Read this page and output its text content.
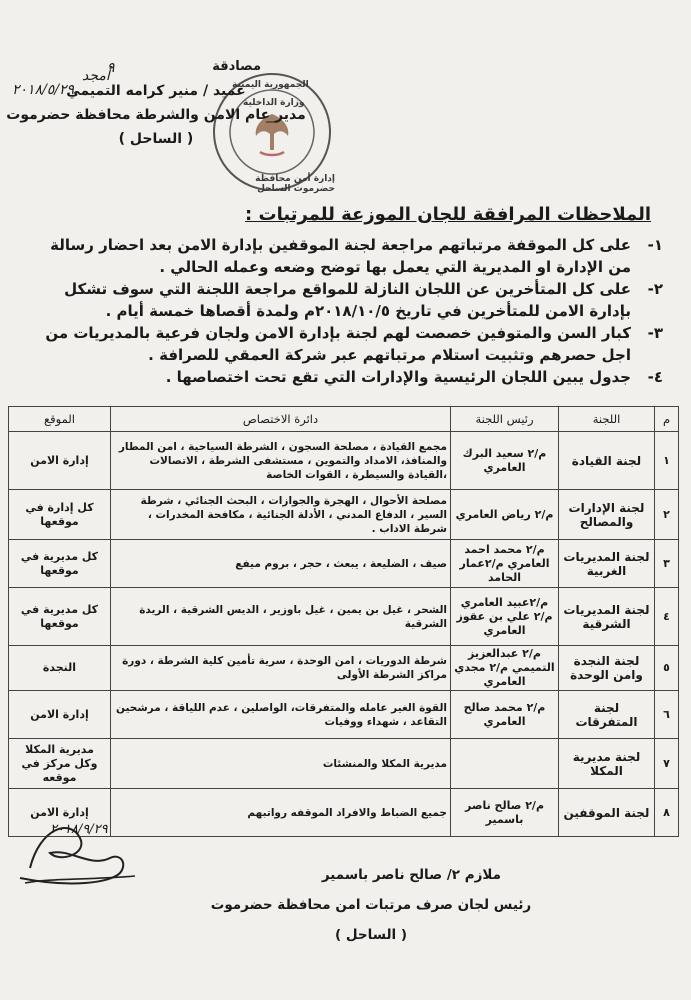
٩
أمجد
٢٠١٨/٥/٢٩	الجمهورية اليمنية
وزارة الداخلية
إدارة أمن محافظة حضرموت الساحل
مصادقة
عميد / منير كرامه التميمي
مدير عام الامن والشرطة محافظة حضرموت
( الساحل )
الملاحظات المرافقة للجان الموزعة للمرتبات :
١-
على كل الموقفة مرتباتهم مراجعة لجنة الموقفين بإدارة الامن بعد احضار رسالة من الإدارة او المديرية التي يعمل بها توضح وضعه وعمله الحالي .
٢-
على كل المتأخرين عن اللجان النازلة للمواقع مراجعة اللجنة التي سوف تشكل بإدارة الامن للمتأخرين في تاريخ ٢٠١٨/١٠/٥م ولمدة أقصاها خمسة أيام .
٣-
كبار السن والمتوفين خصصت لهم لجنة بإدارة الامن ولجان فرعية بالمديريات من اجل حصرهم وتثبيت استلام مرتباتهم عبر شركة العمقي للصرافة .
٤-
جدول يبين اللجان الرئيسية والإدارات التي تقع تحت اختصاصها .
م	اللجنة	رئيس اللجنة	دائرة الاختصاص	الموقع
١	لجنة القيادة	م/٢ سعيد البرك العامري	مجمع القيادة ، مصلحة السجون ، الشرطة السياحية ، امن المطار والمنافذ، الامداد والتموين ، مستشفى الشرطة ، الاتصالات ،القيادة والسيطرة ، القوات الخاصة	إدارة الامن
٢	لجنة الإدارات والمصالح	م/٢ رياض العامري	مصلحة الأحوال ، الهجرة والجوازات ، البحث الجنائي ، شرطة السير ، الدفاع المدني ، الأدلة الجنائية ، مكافحة المخدرات ، شرطة الاداب .	كل إدارة في موقعها
٣	لجنة المديريات الغربية	م/٢ محمد احمد العامري م/٢عمار الحامد	صيف ، الضليعة ، يبعث ، حجر ، بروم ميفع	كل مديرية في موقعها
٤	لجنة المديريات الشرقية	م/٢عبيد العامري م/٢ علي بن عقوز العامري	الشحر ، غيل بن يمين ، غيل باوزير ، الديس الشرقية ، الريدة الشرقية	كل مديرية في موقعها
٥	لجنة النجدة وامن الوحدة	م/٢ عبدالعزيز التميمي م/٢ مجدي العامري	شرطة الدوريات ، امن الوحدة ، سرية تأمين كلية الشرطة ، دورة مراكز الشرطة الأولى	النجدة
٦	لجنة المتفرقات	م/٢ محمد صالح العامري	القوة الغير عامله والمتفرقات، الواصلين ، عدم اللياقة ، مرشحين التقاعد ، شهداء ووفيات	إدارة الامن
٧	لجنة مديرية المكلا		مديرية المكلا والمنشئات	مديرية المكلا وكل مركز في موقعه
٨	لجنة الموقفين	م/٢ صالح ناصر باسمير	جميع الضباط والافراد الموقفه رواتبهم	إدارة الامن
٢٠١٨/٩/٢٩
ملازم ٢/ صالح ناصر باسمير
رئيس لجان صرف مرتبات امن محافظة حضرموت
( الساحل )
